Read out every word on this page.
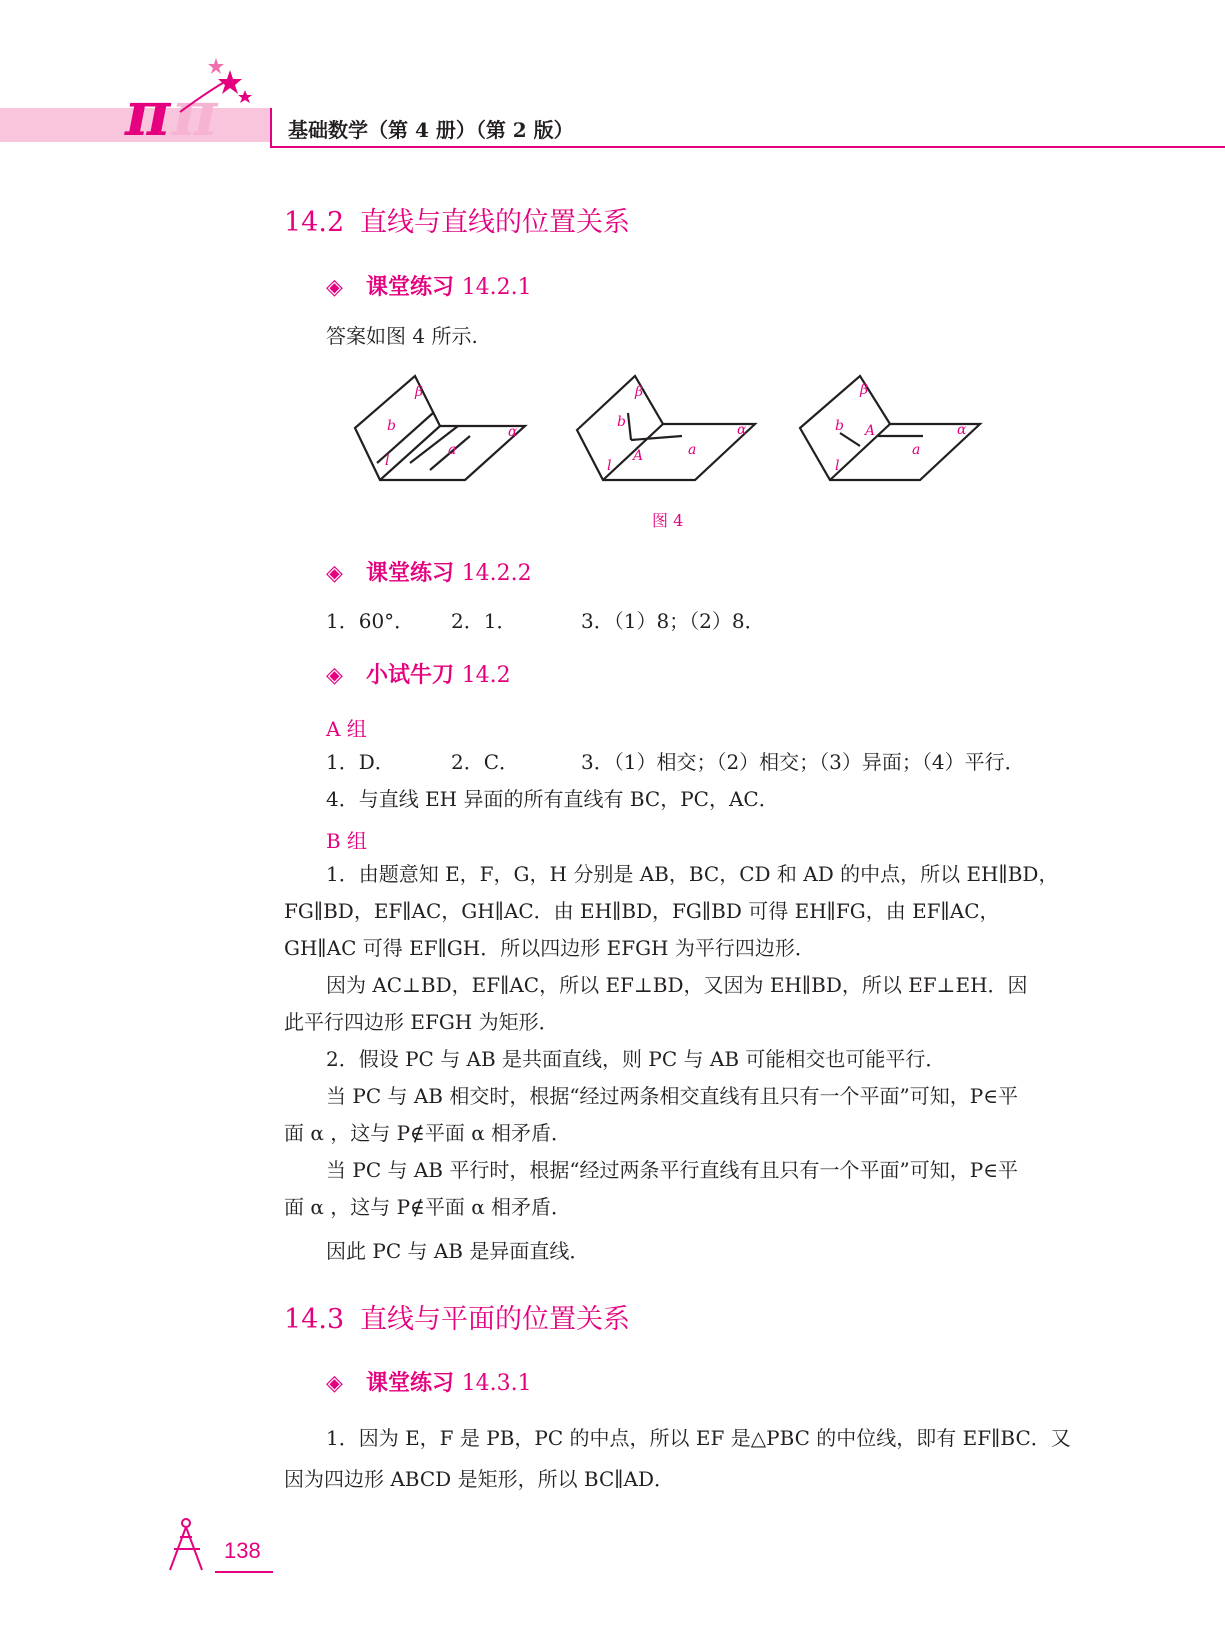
π π	基础数学（第 4 册）（第 2 版）
14.2 直线与直线的位置关系
◈ 课堂练习 14.2.1
答案如图 4 所示.
β
b
l
a
α
β
b
l
a
α
A
β
b
l
a
α
A
图 4
◈ 课堂练习 14.2.2
1．60°． 2．1．	3．（1）8；（2）8．
◈ 小试牛刀 14.2
A 组
1．D．	2．C．	3．（1）相交；（2）相交；（3）异面；（4）平行．
4．与直线 EH 异面的所有直线有 BC，PC，AC．
B 组
1．由题意知 E，F，G，H 分别是 AB，BC，CD 和 AD 的中点，所以 EH∥BD，
FG∥BD，EF∥AC，GH∥AC．由 EH∥BD，FG∥BD 可得 EH∥FG，由 EF∥AC，
GH∥AC 可得 EF∥GH．所以四边形 EFGH 为平行四边形．
因为 AC⊥BD，EF∥AC，所以 EF⊥BD，又因为 EH∥BD，所以 EF⊥EH．因
此平行四边形 EFGH 为矩形．
2．假设 PC 与 AB 是共面直线，则 PC 与 AB 可能相交也可能平行．
当 PC 与 AB 相交时，根据“经过两条相交直线有且只有一个平面”可知，P∈平
面 α ，这与 P∉平面 α 相矛盾．
当 PC 与 AB 平行时，根据“经过两条平行直线有且只有一个平面”可知，P∈平
面 α ，这与 P∉平面 α 相矛盾．
因此 PC 与 AB 是异面直线．
14.3 直线与平面的位置关系
◈ 课堂练习 14.3.1
1．因为 E，F 是 PB，PC 的中点，所以 EF 是△PBC 的中位线，即有 EF∥BC．又
因为四边形 ABCD 是矩形，所以 BC∥AD．
138
